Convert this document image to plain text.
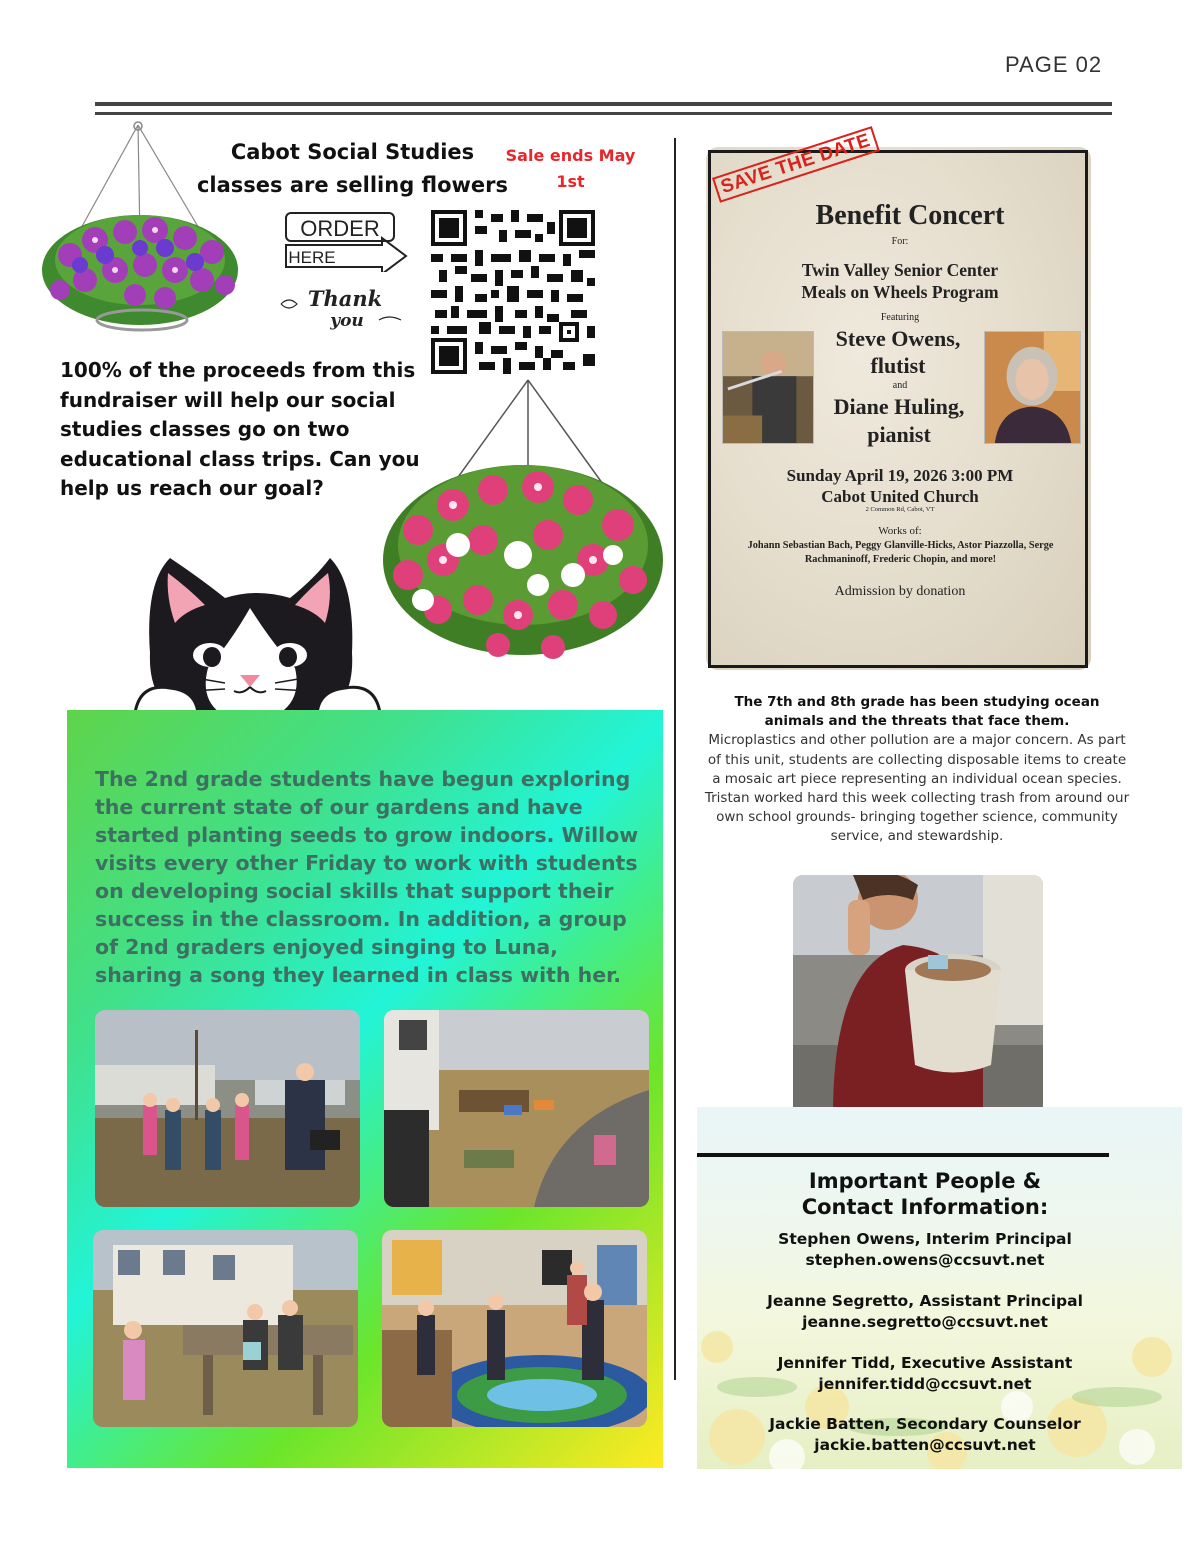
PAGE 02
Cabot Social Studies
classes are selling flowers
Sale ends May
1st
ORDER
HERE
Thank
you
100% of the proceeds from this fundraiser will help our social studies classes go on two educational class trips. Can you help us reach our goal?
The 2nd grade students have begun exploring the current state of our gardens and have started planting seeds to grow indoors. Willow visits every other Friday to work with students on developing social skills that support their success in the classroom. In addition, a group of 2nd graders enjoyed singing to Luna, sharing a song they learned in class with her.
SAVE THE DATE
Benefit Concert
For:
Twin Valley Senior Center
Meals on Wheels Program
Featuring
Steve Owens,
flutist
and
Diane Huling,
pianist
Sunday April 19, 2026 3:00 PM
Cabot United Church
2 Common Rd, Cabot, VT
Works of:
Johann Sebastian Bach, Peggy Glanville-Hicks, Astor Piazzolla, Serge Rachmaninoff, Frederic Chopin, and more!
Admission by donation
The 7th and 8th grade has been studying ocean animals and the threats that face them.
Microplastics and other pollution are a major concern. As part of this unit, students are collecting disposable items to create a mosaic art piece representing an individual ocean species. Tristan worked hard this week collecting trash from around our own school grounds- bringing together science, community service, and stewardship.
Important People &
Contact Information:
Stephen Owens, Interim Principal
stephen.owens@ccsuvt.net
Jeanne Segretto, Assistant Principal
jeanne.segretto@ccsuvt.net
Jennifer Tidd, Executive Assistant
jennifer.tidd@ccsuvt.net
Jackie Batten, Secondary Counselor
jackie.batten@ccsuvt.net
